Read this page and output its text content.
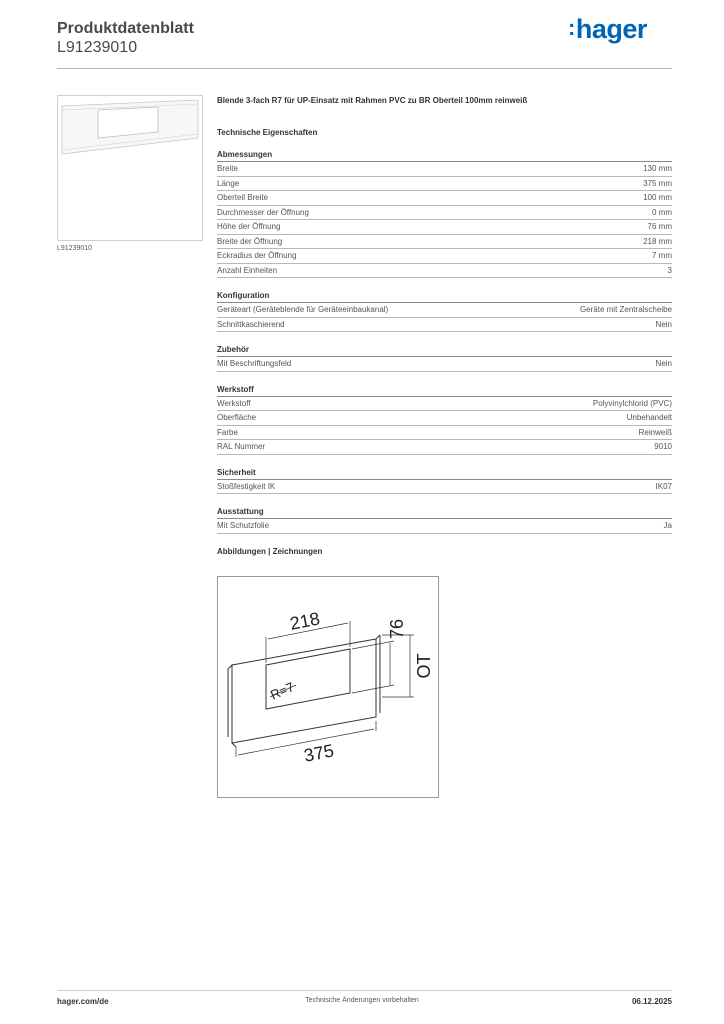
Produktdatenblatt
L91239010
:hager
L91239010
Blende 3-fach R7 für UP-Einsatz mit Rahmen PVC zu BR Oberteil 100mm reinweiß
Technische Eigenschaften
Abmessungen
Breite	130 mm
Länge	375 mm
Oberteil Breite	100 mm
Durchmesser der Öffnung	0 mm
Höhe der Öffnung	76 mm
Breite der Öffnung	218 mm
Eckradius der Öffnung	7 mm
Anzahl Einheiten	3
Konfiguration
Geräteart (Geräteblende für Geräteeinbaukanal)	Geräte mit Zentralscheibe
Schnittkaschierend	Nein
Zubehör
Mit Beschriftungsfeld	Nein
Werkstoff
Werkstoff	Polyvinylchlorid (PVC)
Oberfläche	Unbehandelt
Farbe	Reinweiß
RAL Nummer	9010
Sicherheit
Stoßfestigkeit IK	IK07
Ausstattung
Mit Schutzfolie	Ja
Abbildungen | Zeichnungen
218	76
OT
R=7
375
hager.com/de	Technische Änderungen vorbehalten	06.12.2025
